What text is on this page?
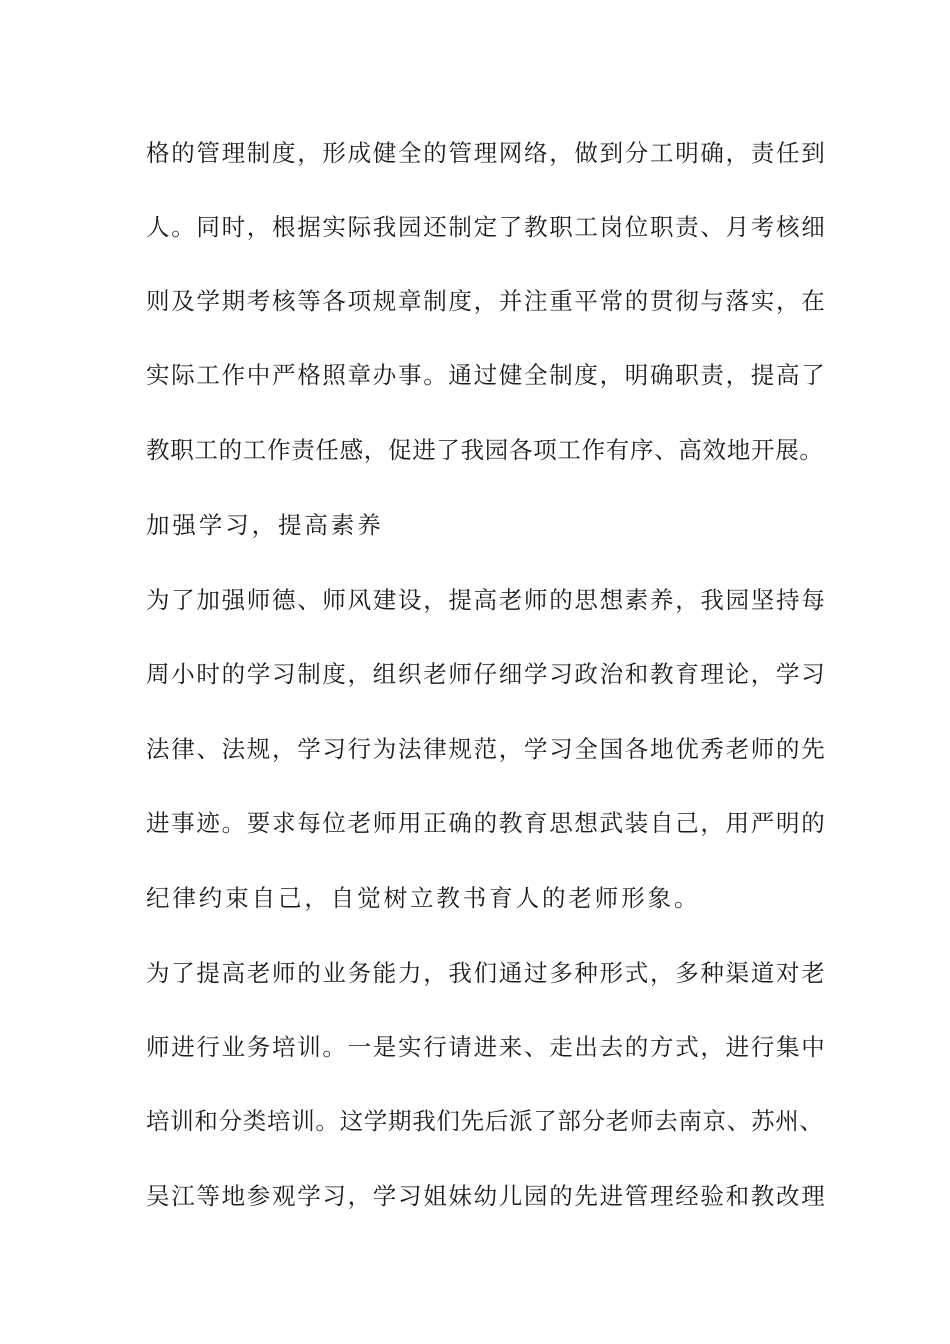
格的管理制度，形成健全的管理网络，做到分工明确，责任到
人。同时，根据实际我园还制定了教职工岗位职责、月考核细
则及学期考核等各项规章制度，并注重平常的贯彻与落实，在
实际工作中严格照章办事。通过健全制度，明确职责，提高了
教职工的工作责任感，促进了我园各项工作有序、高效地开展。
加强学习，提高素养
为了加强师德、师风建设，提高老师的思想素养，我园坚持每
周小时的学习制度，组织老师仔细学习政治和教育理论，学习
法律、法规，学习行为法律规范，学习全国各地优秀老师的先
进事迹。要求每位老师用正确的教育思想武装自己，用严明的
纪律约束自己，自觉树立教书育人的老师形象。
为了提高老师的业务能力，我们通过多种形式，多种渠道对老
师进行业务培训。一是实行请进来、走出去的方式，进行集中
培训和分类培训。这学期我们先后派了部分老师去南京、苏州、
吴江等地参观学习，学习姐妹幼儿园的先进管理经验和教改理
